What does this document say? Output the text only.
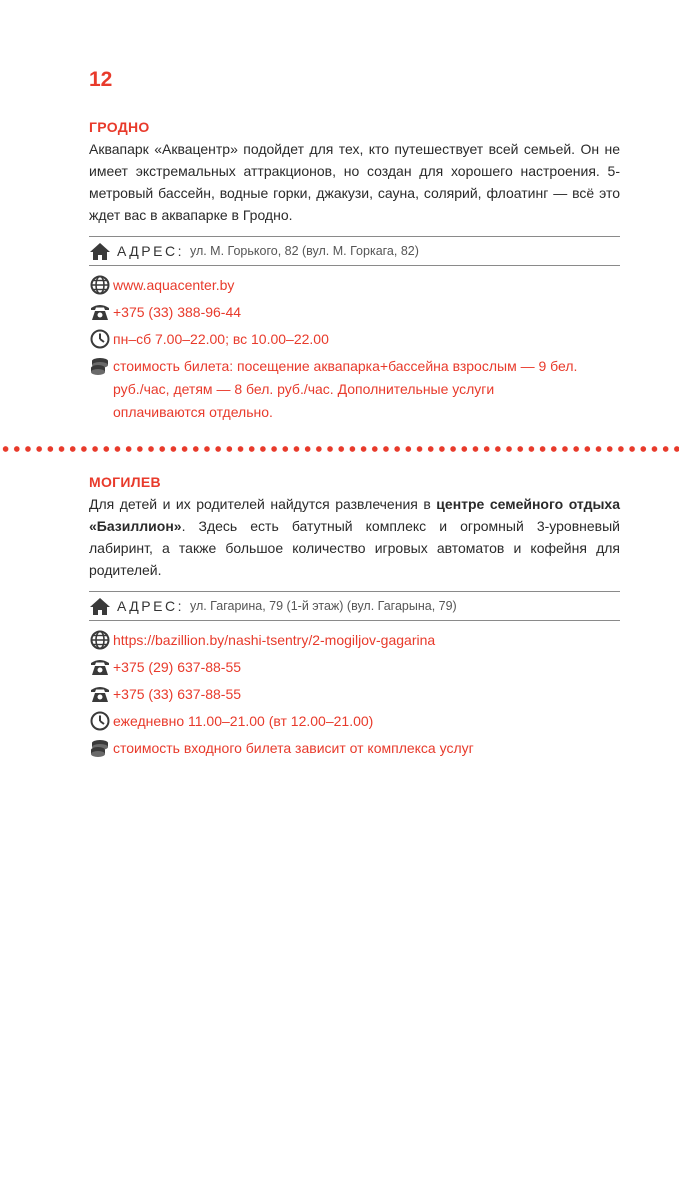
12
ГРОДНО
Аквапарк «Аквацентр» подойдет для тех, кто путешествует всей семьей. Он не имеет экстремальных аттракционов, но создан для хорошего настроения. 5-метровый бассейн, водные горки, джакузи, сауна, солярий, флоатинг — всё это ждет вас в аквапарке в Гродно.
АДРЕС: ул. М. Горького, 82 (вул. М. Горкага, 82)
www.aquacenter.by
+375 (33) 388-96-44
пн–сб 7.00–22.00; вс 10.00–22.00
стоимость билета: посещение аквапарка+бассейна взрослым — 9 бел. руб./час, детям — 8 бел. руб./час. Дополнительные услуги оплачиваются отдельно.
МОГИЛЕВ
Для детей и их родителей найдутся развлечения в центре семейного отдыха «Базиллион». Здесь есть батутный комплекс и огромный 3-уровневый лабиринт, а также большое количество игровых автоматов и кофейня для родителей.
АДРЕС: ул. Гагарина, 79 (1-й этаж) (вул. Гагарына, 79)
https://bazillion.by/nashi-tsentry/2-mogiljov-gagarina
+375 (29) 637-88-55
+375 (33) 637-88-55
ежедневно 11.00–21.00 (вт 12.00–21.00)
стоимость входного билета зависит от комплекса услуг
